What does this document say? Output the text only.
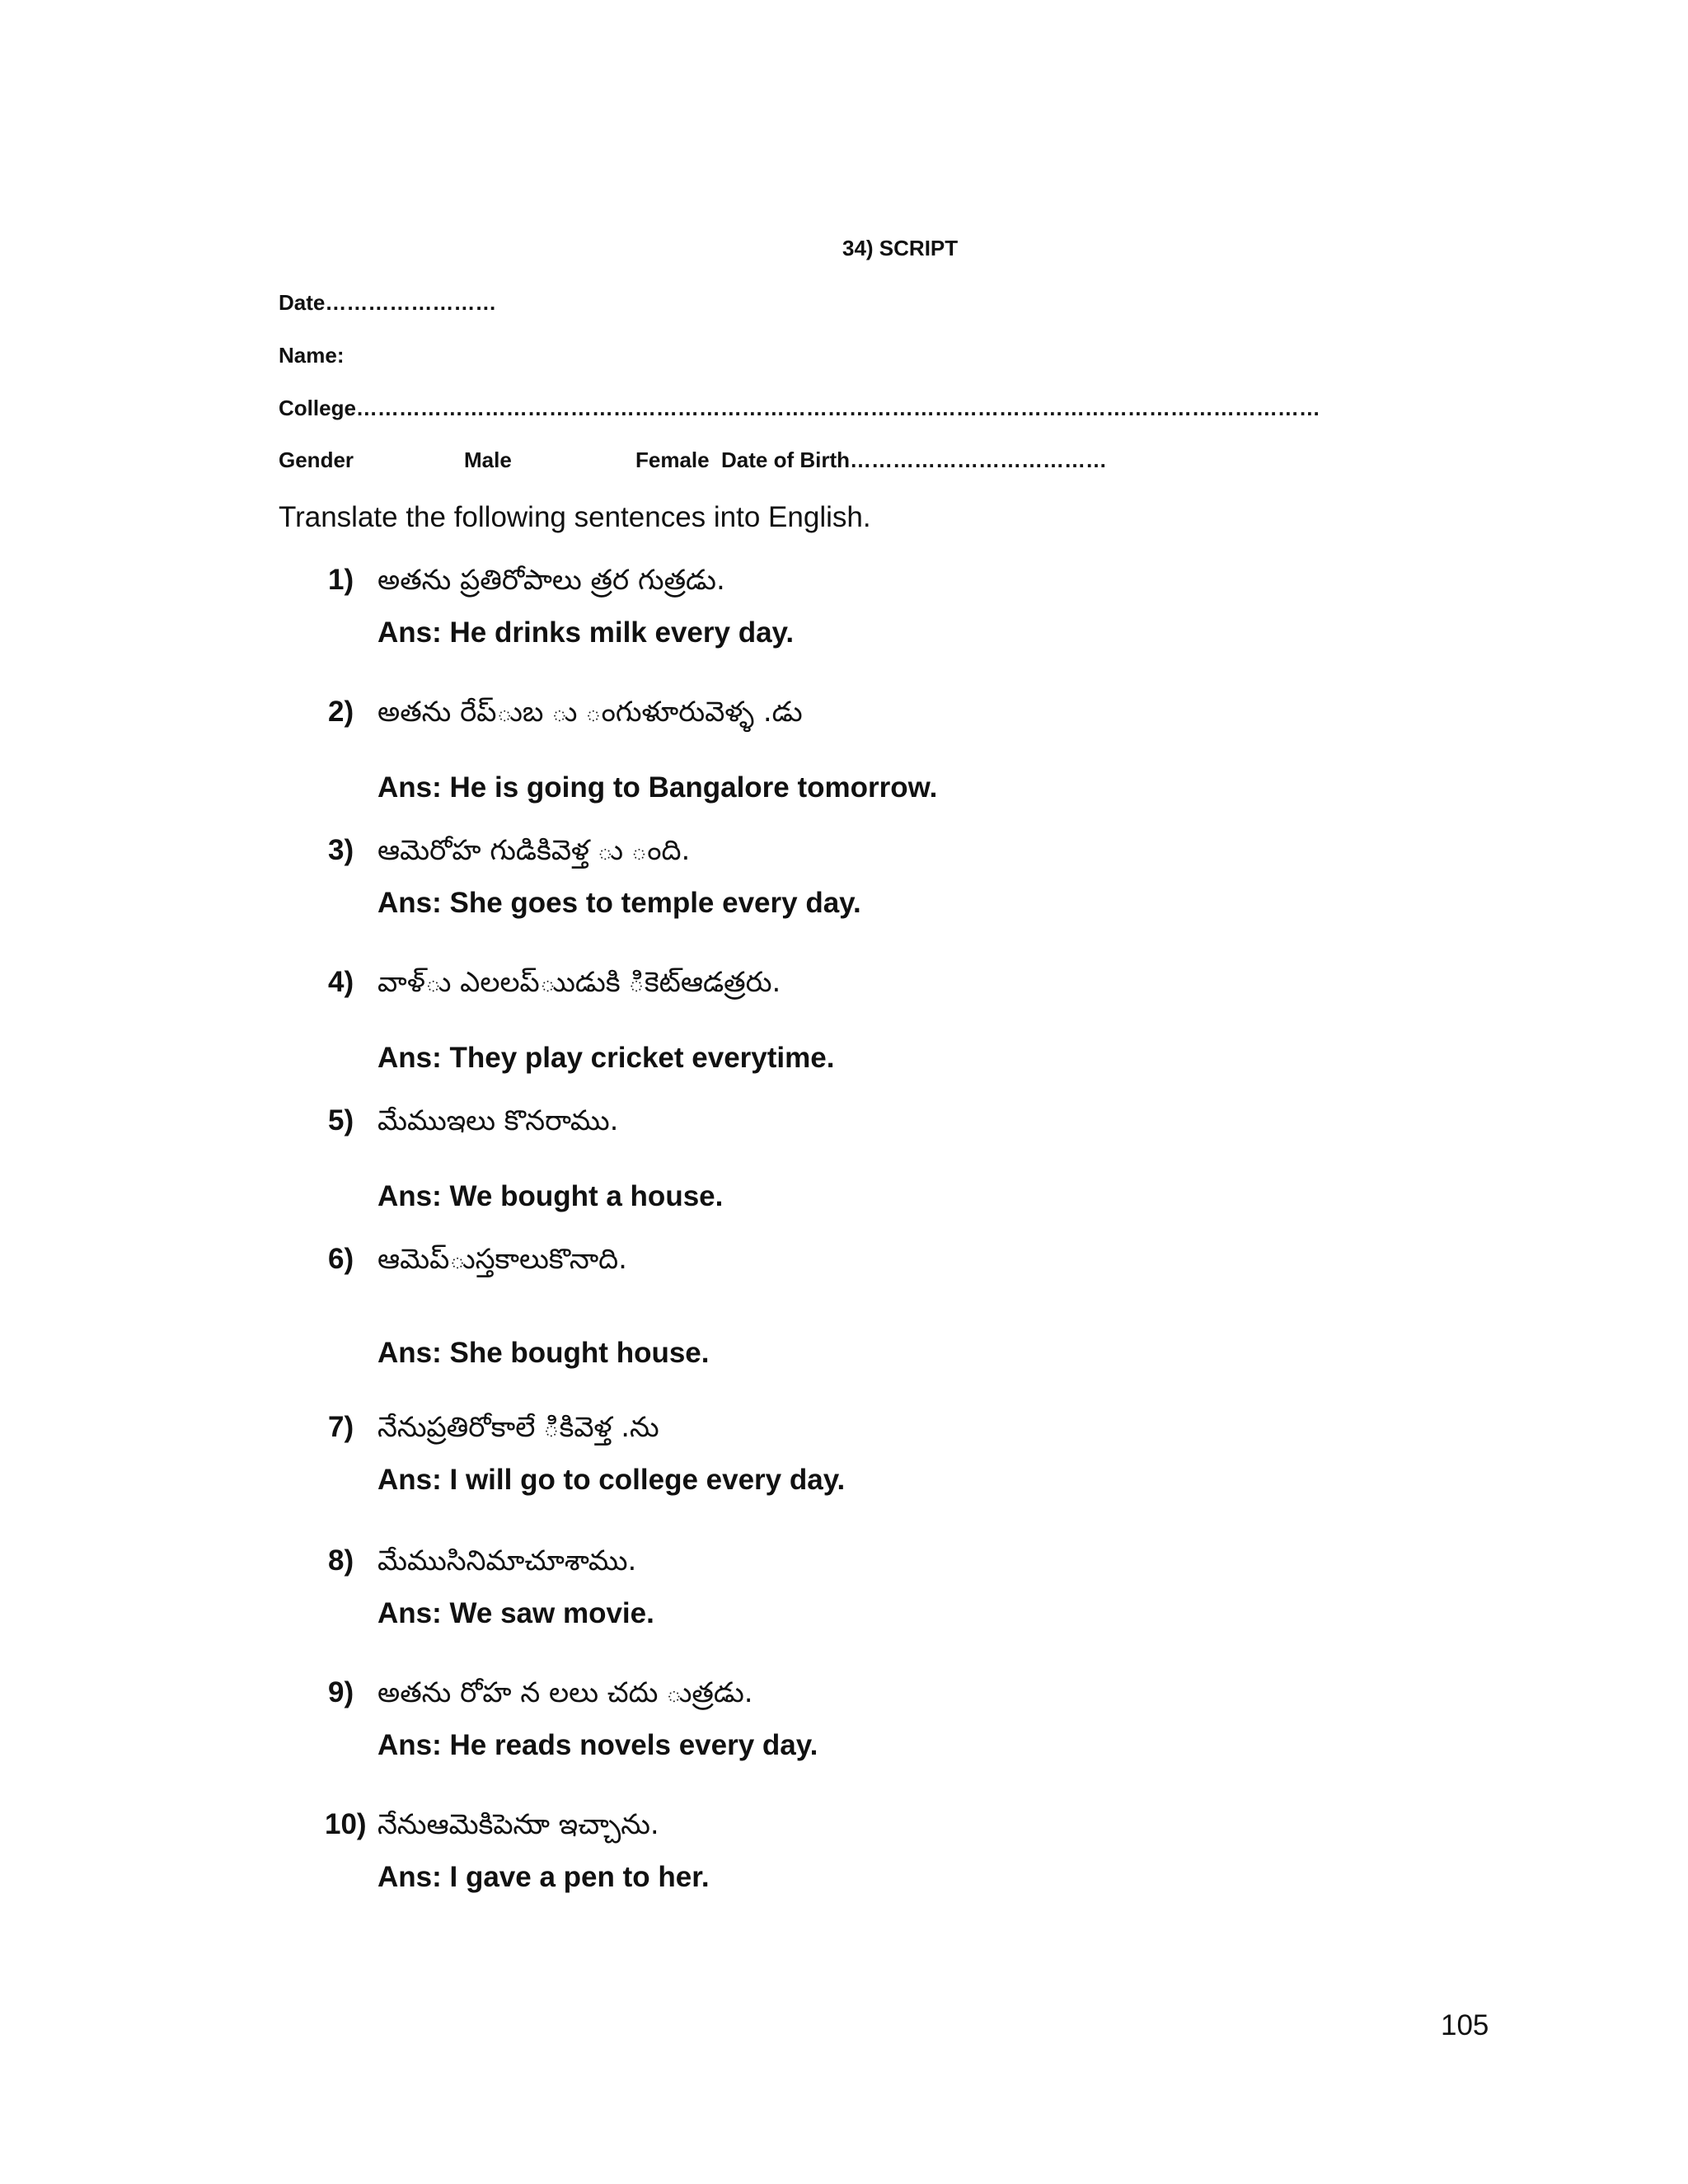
34) SCRIPT
Date……………………
Name:
College………………………………………………………………………………………………………………………
Gender	Male	Female Date of Birth………………………………
Translate the following sentences into English.
1) అతను ప్రతిరోపాలు త్రర గుత్రడు.
Ans: He drinks milk every day.
2) అతను రేప్ుబ ు ంగుళూరువెళ్ళ .డు
Ans: He is going to Bangalore tomorrow.
3) ఆమెరోహ గుడికివెళ్త ు ంది.
Ans: She goes to temple every day.
4) వాళ్ు ఎలలప్ుుడుకి ికెట్ఆడత్రరు.
Ans: They play cricket everytime.
5) మేముఇలు కొనరాము.
Ans: We bought a house.
6) ఆమెప్ుస్తకాలుకొనాది.
Ans: She bought house.
7) నేనుప్రతిరోకాలే ికివెళ్త .ను
Ans: I will go to college every day.
8) మేముసినిమాచూశాము.
Ans: We saw movie.
9) అతను రోహ న లలు చదు ుత్రడు.
Ans: He reads novels every day.
10) నేనుఆమెకిపెనుా ఇచ్చాను.
Ans: I gave a pen to her.
105
